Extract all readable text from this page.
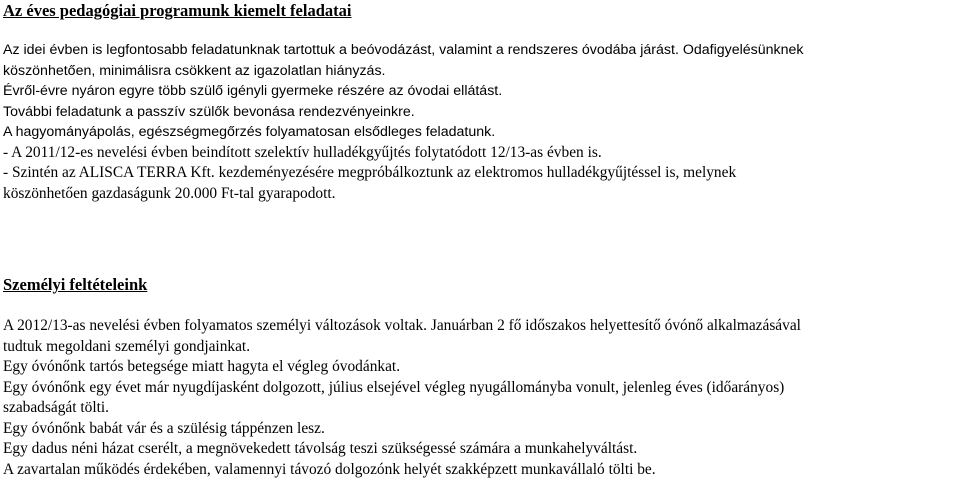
Az éves pedagógiai programunk kiemelt feladatai
Az idei évben is legfontosabb feladatunknak tartottuk a beóvodázást, valamint a rendszeres óvodába járást. Odafigyelésünknek
köszönhetően, minimálisra csökkent az igazolatlan hiányzás.
Évről-évre nyáron egyre több szülő igényli gyermeke részére az óvodai ellátást.
További feladatunk a passzív szülők bevonása rendezvényeinkre.
A hagyományápolás, egészségmegőrzés folyamatosan elsődleges feladatunk.
- A 2011/12-es nevelési évben beindított szelektív hulladékgyűjtés folytatódott 12/13-as évben is.
- Szintén az ALISCA TERRA Kft. kezdeményezésére megpróbálkoztunk az elektromos hulladékgyűjtéssel is, melynek
köszönhetően gazdaságunk 20.000 Ft-tal gyarapodott.
Személyi feltételeink
A 2012/13-as nevelési évben folyamatos személyi változások voltak. Januárban 2 fő időszakos helyettesítő óvónő alkalmazásával
tudtuk megoldani személyi gondjainkat.
Egy óvónőnk tartós betegsége miatt hagyta el végleg óvodánkat.
Egy óvónőnk egy évet már nyugdíjasként dolgozott, július elsejével végleg nyugállományba vonult, jelenleg éves (időarányos)
szabadságát tölti.
Egy óvónőnk babát vár és a szülésig táppénzen lesz.
Egy dadus néni házat cserélt, a megnövekedett távolság teszi szükségessé számára a munkahelyváltást.
A zavartalan működés érdekében, valamennyi távozó dolgozónk helyét szakképzett munkavállaló tölti be.
